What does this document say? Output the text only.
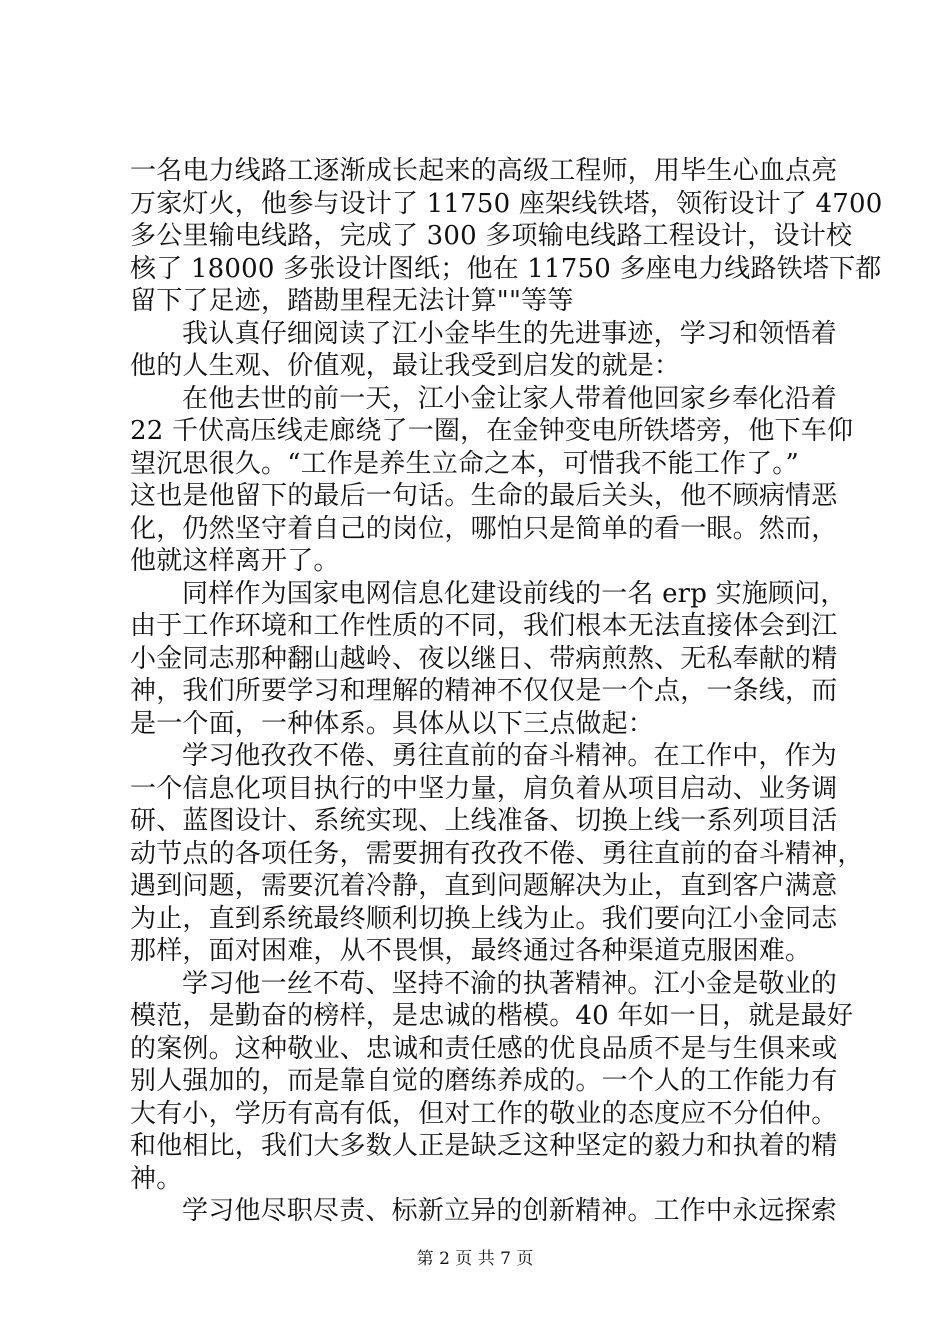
一名电力线路工逐渐成长起来的高级工程师，用毕生心血点亮
万家灯火，他参与设计了 11750 座架线铁塔，领衔设计了 4700
多公里输电线路，完成了 300 多项输电线路工程设计，设计校
核了 18000 多张设计图纸；他在 11750 多座电力线路铁塔下都
留下了足迹，踏勘里程无法计算""等等
我认真仔细阅读了江小金毕生的先进事迹，学习和领悟着
他的人生观、价值观，最让我受到启发的就是：
在他去世的前一天，江小金让家人带着他回家乡奉化沿着
22 千伏高压线走廊绕了一圈，在金钟变电所铁塔旁，他下车仰
望沉思很久。“工作是养生立命之本，可惜我不能工作了。”
这也是他留下的最后一句话。生命的最后关头，他不顾病情恶
化，仍然坚守着自己的岗位，哪怕只是简单的看一眼。然而，
他就这样离开了。
同样作为国家电网信息化建设前线的一名 erp 实施顾问，
由于工作环境和工作性质的不同，我们根本无法直接体会到江
小金同志那种翻山越岭、夜以继日、带病煎熬、无私奉献的精
神，我们所要学习和理解的精神不仅仅是一个点，一条线，而
是一个面，一种体系。具体从以下三点做起：
学习他孜孜不倦、勇往直前的奋斗精神。在工作中，作为
一个信息化项目执行的中坚力量，肩负着从项目启动、业务调
研、蓝图设计、系统实现、上线准备、切换上线一系列项目活
动节点的各项任务，需要拥有孜孜不倦、勇往直前的奋斗精神，
遇到问题，需要沉着冷静，直到问题解决为止，直到客户满意
为止，直到系统最终顺利切换上线为止。我们要向江小金同志
那样，面对困难，从不畏惧，最终通过各种渠道克服困难。
学习他一丝不苟、坚持不渝的执著精神。江小金是敬业的
模范，是勤奋的榜样，是忠诚的楷模。40 年如一日，就是最好
的案例。这种敬业、忠诚和责任感的优良品质不是与生俱来或
别人强加的，而是靠自觉的磨练养成的。一个人的工作能力有
大有小，学历有高有低，但对工作的敬业的态度应不分伯仲。
和他相比，我们大多数人正是缺乏这种坚定的毅力和执着的精
神。
学习他尽职尽责、标新立异的创新精神。工作中永远探索
第 2 页 共 7 页
